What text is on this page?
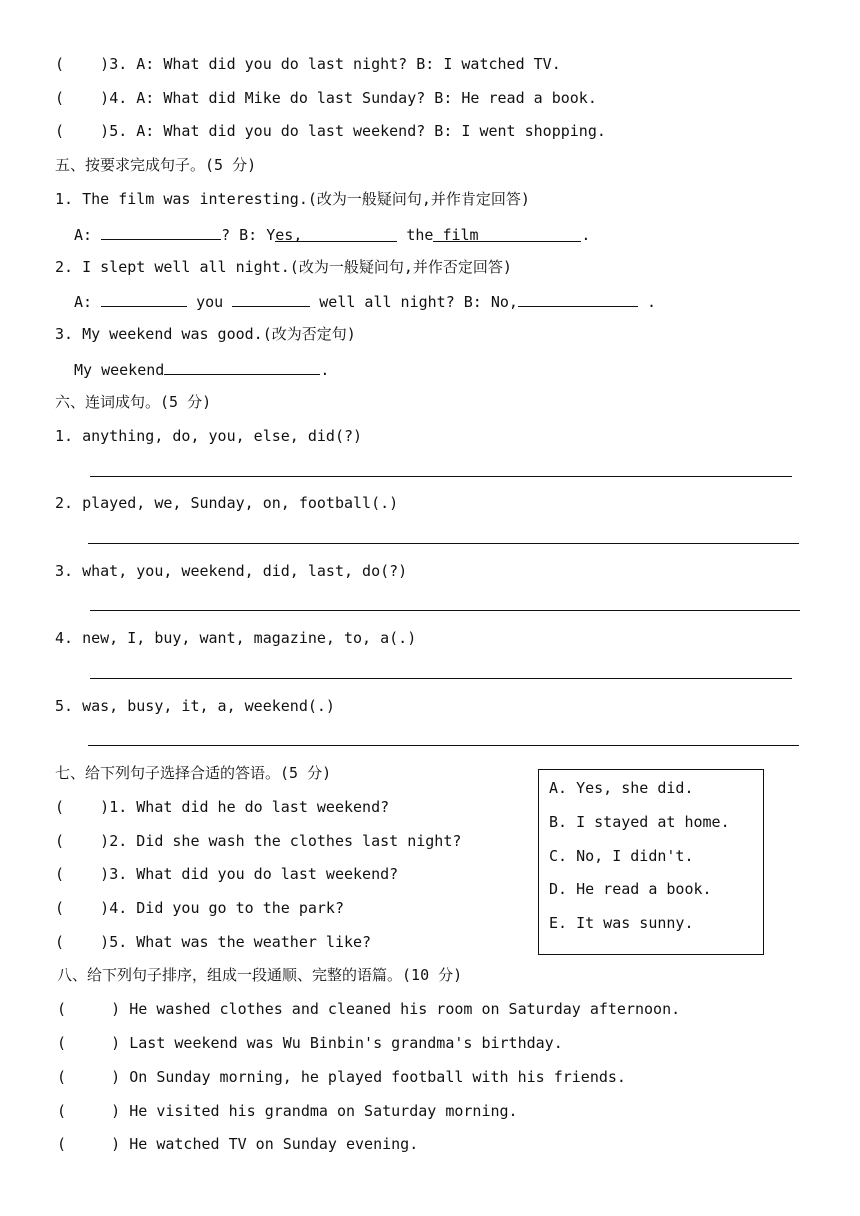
(    )3. A: What did you do last night? B: I watched TV.
(    )4. A: What did Mike do last Sunday? B: He read a book.
(    )5. A: What did you do last weekend? B: I went shopping.
五、按要求完成句子。(5 分)
1. The film was interesting.(改为一般疑问句,并作肯定回答)
A:	? B: Yes,	the film	.
2. I slept well all night.(改为一般疑问句,并作否定回答)
A:	you	well all night? B: No,	.
3. My weekend was good.(改为否定句)
My weekend	.
六、连词成句。(5 分)
1. anything, do, you, else, did(?)
2. played, we, Sunday, on, football(.)
3. what, you, weekend, did, last, do(?)
4. new, I, buy, want, magazine, to, a(.)
5. was, busy, it, a, weekend(.)
七、给下列句子选择合适的答语。(5 分)
(    )1. What did he do last weekend?
(    )2. Did she wash the clothes last night?
(    )3. What did you do last weekend?
(    )4. Did you go to the park?
(    )5. What was the weather like?
A. Yes, she did.
B. I stayed at home.
C. No, I didn't.
D. He read a book.
E. It was sunny.
八、给下列句子排序，组成一段通顺、完整的语篇。(10 分)
(     ) He washed clothes and cleaned his room on Saturday afternoon.
(     ) Last weekend was Wu Binbin's grandma's birthday.
(     ) On Sunday morning, he played football with his friends.
(     ) He visited his grandma on Saturday morning.
(     ) He watched TV on Sunday evening.
